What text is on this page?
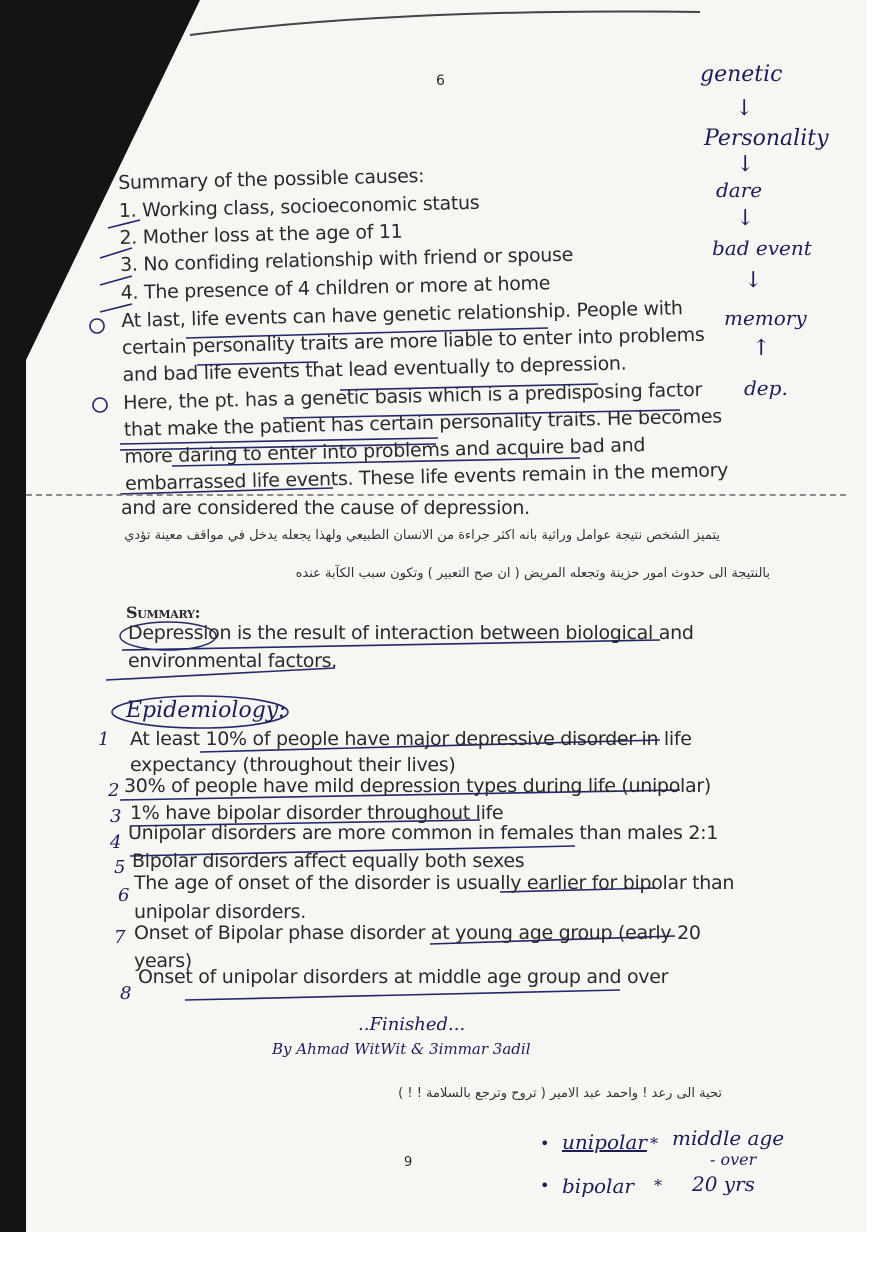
6
Summary of the possible causes:
1. Working class, socioeconomic status
2. Mother loss at the age of 11
3. No confiding relationship with friend or spouse
4. The presence of 4 children or more at home
At last, life events can have genetic relationship. People with
certain personality traits are more liable to enter into problems
and bad life events that lead eventually to depression.
Here, the pt. has a genetic basis which is a predisposing factor
that make the patient has certain personality traits. He becomes
more daring to enter into problems and acquire bad and
embarrassed life events. These life events remain in the memory
and are considered the cause of depression.
يتميز الشخص نتيجة عوامل وراثية بانه اكثر جراءة من الانسان الطبيعي ولهذا يجعله يدخل في مواقف معينة تؤدي
بالنتيجة الى حدوث امور حزينة وتجعله المريض ( ان صح التعبير ) وتكون سبب الكآبة عنده
Summary:
Depression is the result of interaction between biological and
environmental factors.
Epidemiology:
1 At least 10% of people have major depressive disorder in life
expectancy (throughout their lives)
2 30% of people have mild depression types during life (unipolar)
3 1% have bipolar disorder throughout life
4 Unipolar disorders are more common in females than males 2:1
5 Bipolar disorders affect equally both sexes
6
The age of onset of the disorder is usually earlier for bipolar than
unipolar disorders.
7 Onset of Bipolar phase disorder at young age group (early 20
years)
8
Onset of unipolar disorders at middle age group and over
..Finished...
By Ahmad WitWit & 3immar 3adil
تحية الى رعد ! واحمد عبد الامير ( تروح وترجع بالسلامة ! ! )
9
genetic
↓
Personality
↓
dare
↓
bad event
↓
memory
↑
dep.
• unipolar * middle age
- over
• bipolar * 20 yrs
